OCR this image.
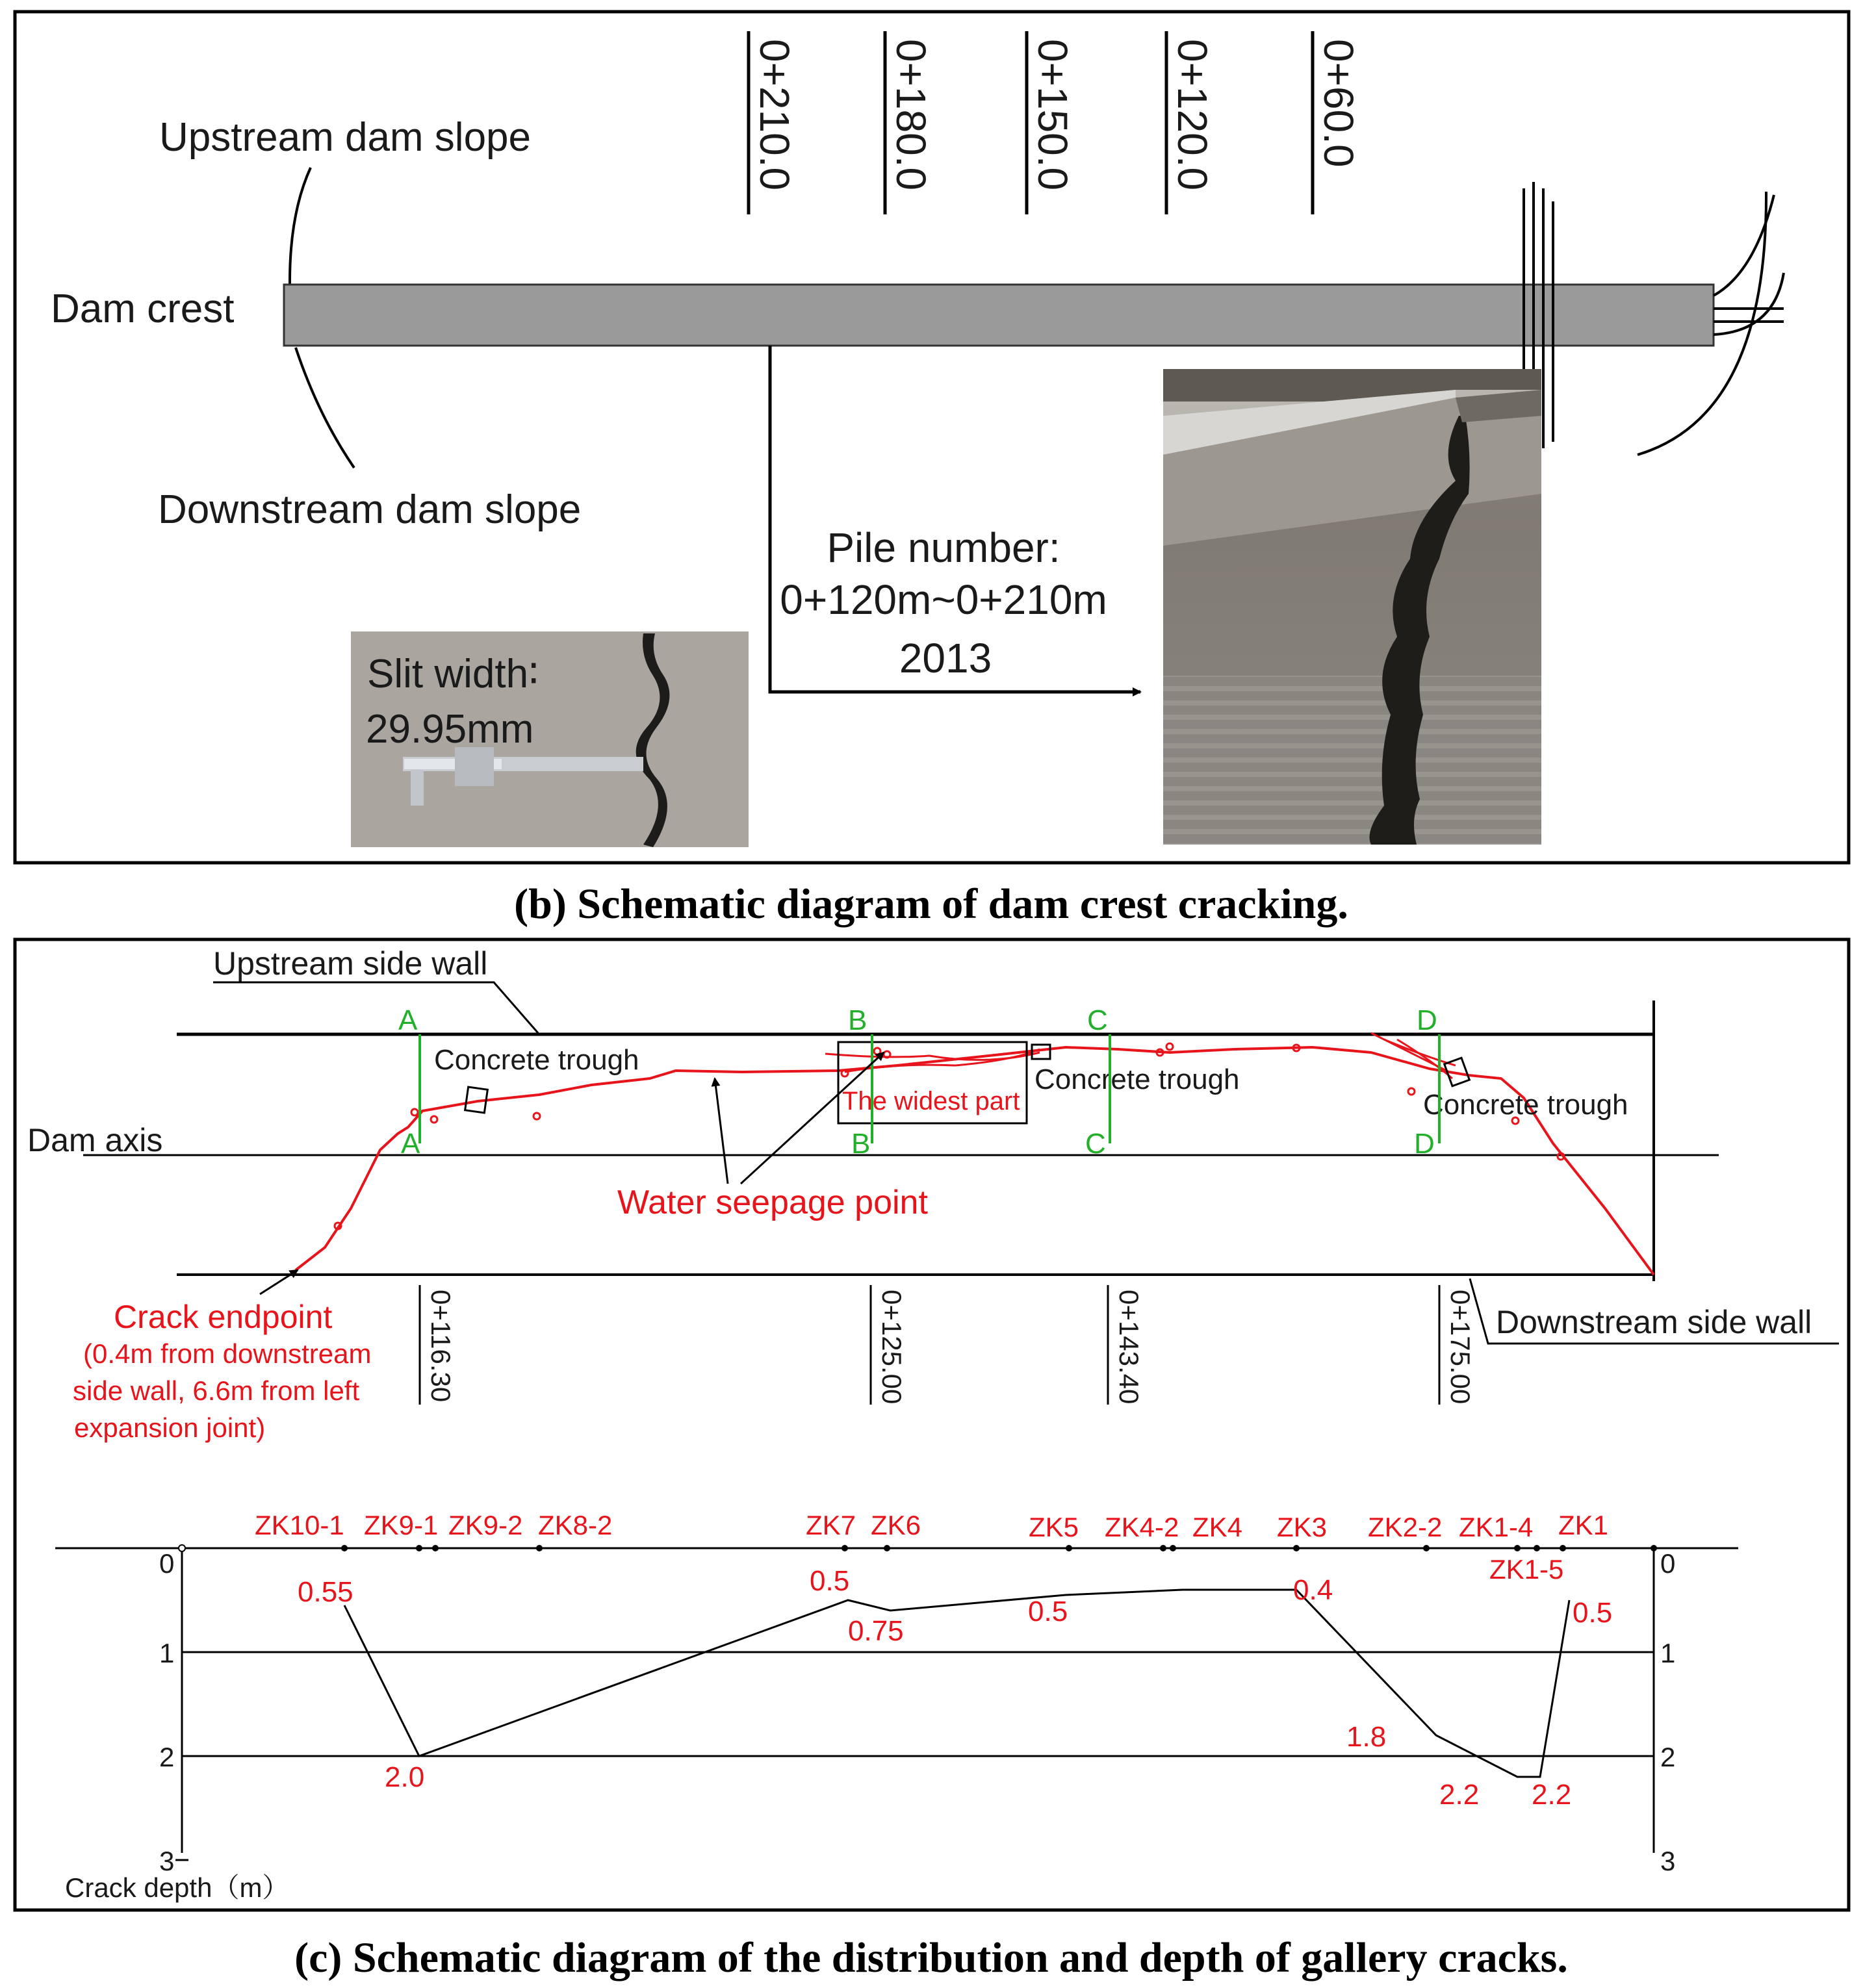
Upstream dam slope
Dam crest
Downstream dam slope
0+210.0 0+180.0 0+150.0 0+120.0 0+60.0
Pile number:
0+120m~0+210m
2013
Slit width∶
29.95mm
(b) Schematic diagram of dam crest cracking.
Upstream side wall
Dam axis
Concrete trough
Concrete trough
Concrete trough
The widest part
A
A
B
B
C
C
D
D
Water seepage point
Crack endpoint
(0.4m from downstream
side wall, 6.6m from left
expansion joint)
0+116.30	0+125.00	0+143.40	0+175.00 Downstream side wall
0	0
1	1
2	2
3	3
ZK10-1 ZK9-1 ZK9-2 ZK8-2	ZK7 ZK6	ZK5 ZK4-2 ZK4 ZK3 ZK2-2 ZK1-4
ZK1-5
ZK1
0.55
2.0
0.5
0.75
0.5
0.4
1.8
2.2 2.2
0.5
Crack depth（m）
(c) Schematic diagram of the distribution and depth of gallery cracks.
